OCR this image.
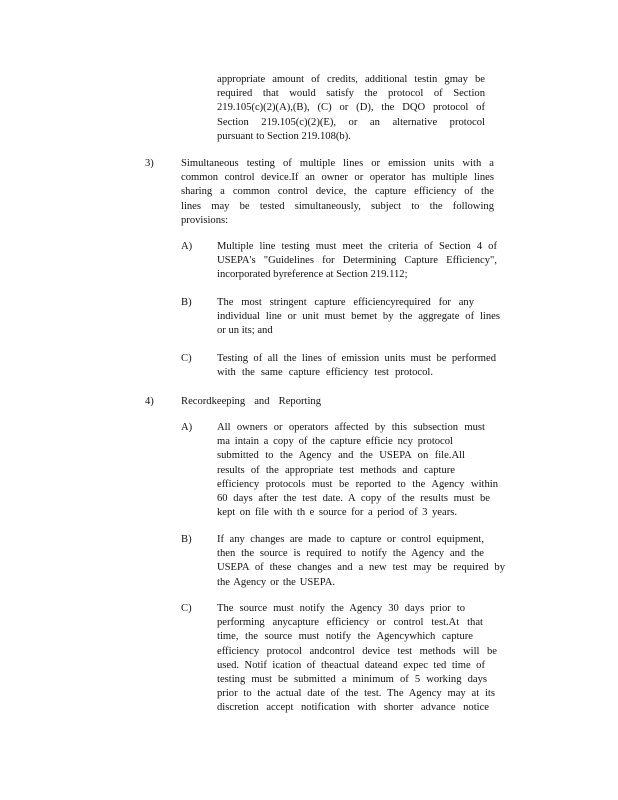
appropriate amount of credits, additional testin gmay be
required that would satisfy the protocol of Section
219.105(c)(2)(A),(B), (C) or (D), the DQO protocol of
Section 219.105(c)(2)(E), or an alternative protocol
pursuant to Section 219.108(b).
3)	Simultaneous testing of multiple lines or emission units with a
common control device.If an owner or operator has multiple lines
sharing a common control device, the capture efficiency of the
lines may be tested simultaneously, subject to the following
provisions:
A) Multiple line testing must meet the criteria of Section 4 of
USEPA's "Guidelines for Determining Capture Efficiency",
incorporated byreference at Section 219.112;
B) The most stringent capture efficiencyrequired for any
individual line or unit must bemet by the aggregate of lines
or un its; and
C) Testing of all the lines of emission units must be performed
with the same capture efficiency test protocol.
4)	Recordkeeping and Reporting
A) All owners or operators affected by this subsection must
ma intain a copy of the capture efficie ncy protocol
submitted to the Agency and the USEPA on file.All
results of the appropriate test methods and capture
efficiency protocols must be reported to the Agency within
60 days after the test date. A copy of the results must be
kept on file with th e source for a period of 3 years.
B) If any changes are made to capture or control equipment,
then the source is required to notify the Agency and the
USEPA of these changes and a new test may be required by
the Agency or the USEPA.
C) The source must notify the Agency 30 days prior to
performing anycapture efficiency or control test.At that
time, the source must notify the Agencywhich capture
efficiency protocol andcontrol device test methods will be
used. Notif ication of theactual dateand expec ted time of
testing must be submitted a minimum of 5 working days
prior to the actual date of the test. The Agency may at its
discretion accept notification with shorter advance notice
